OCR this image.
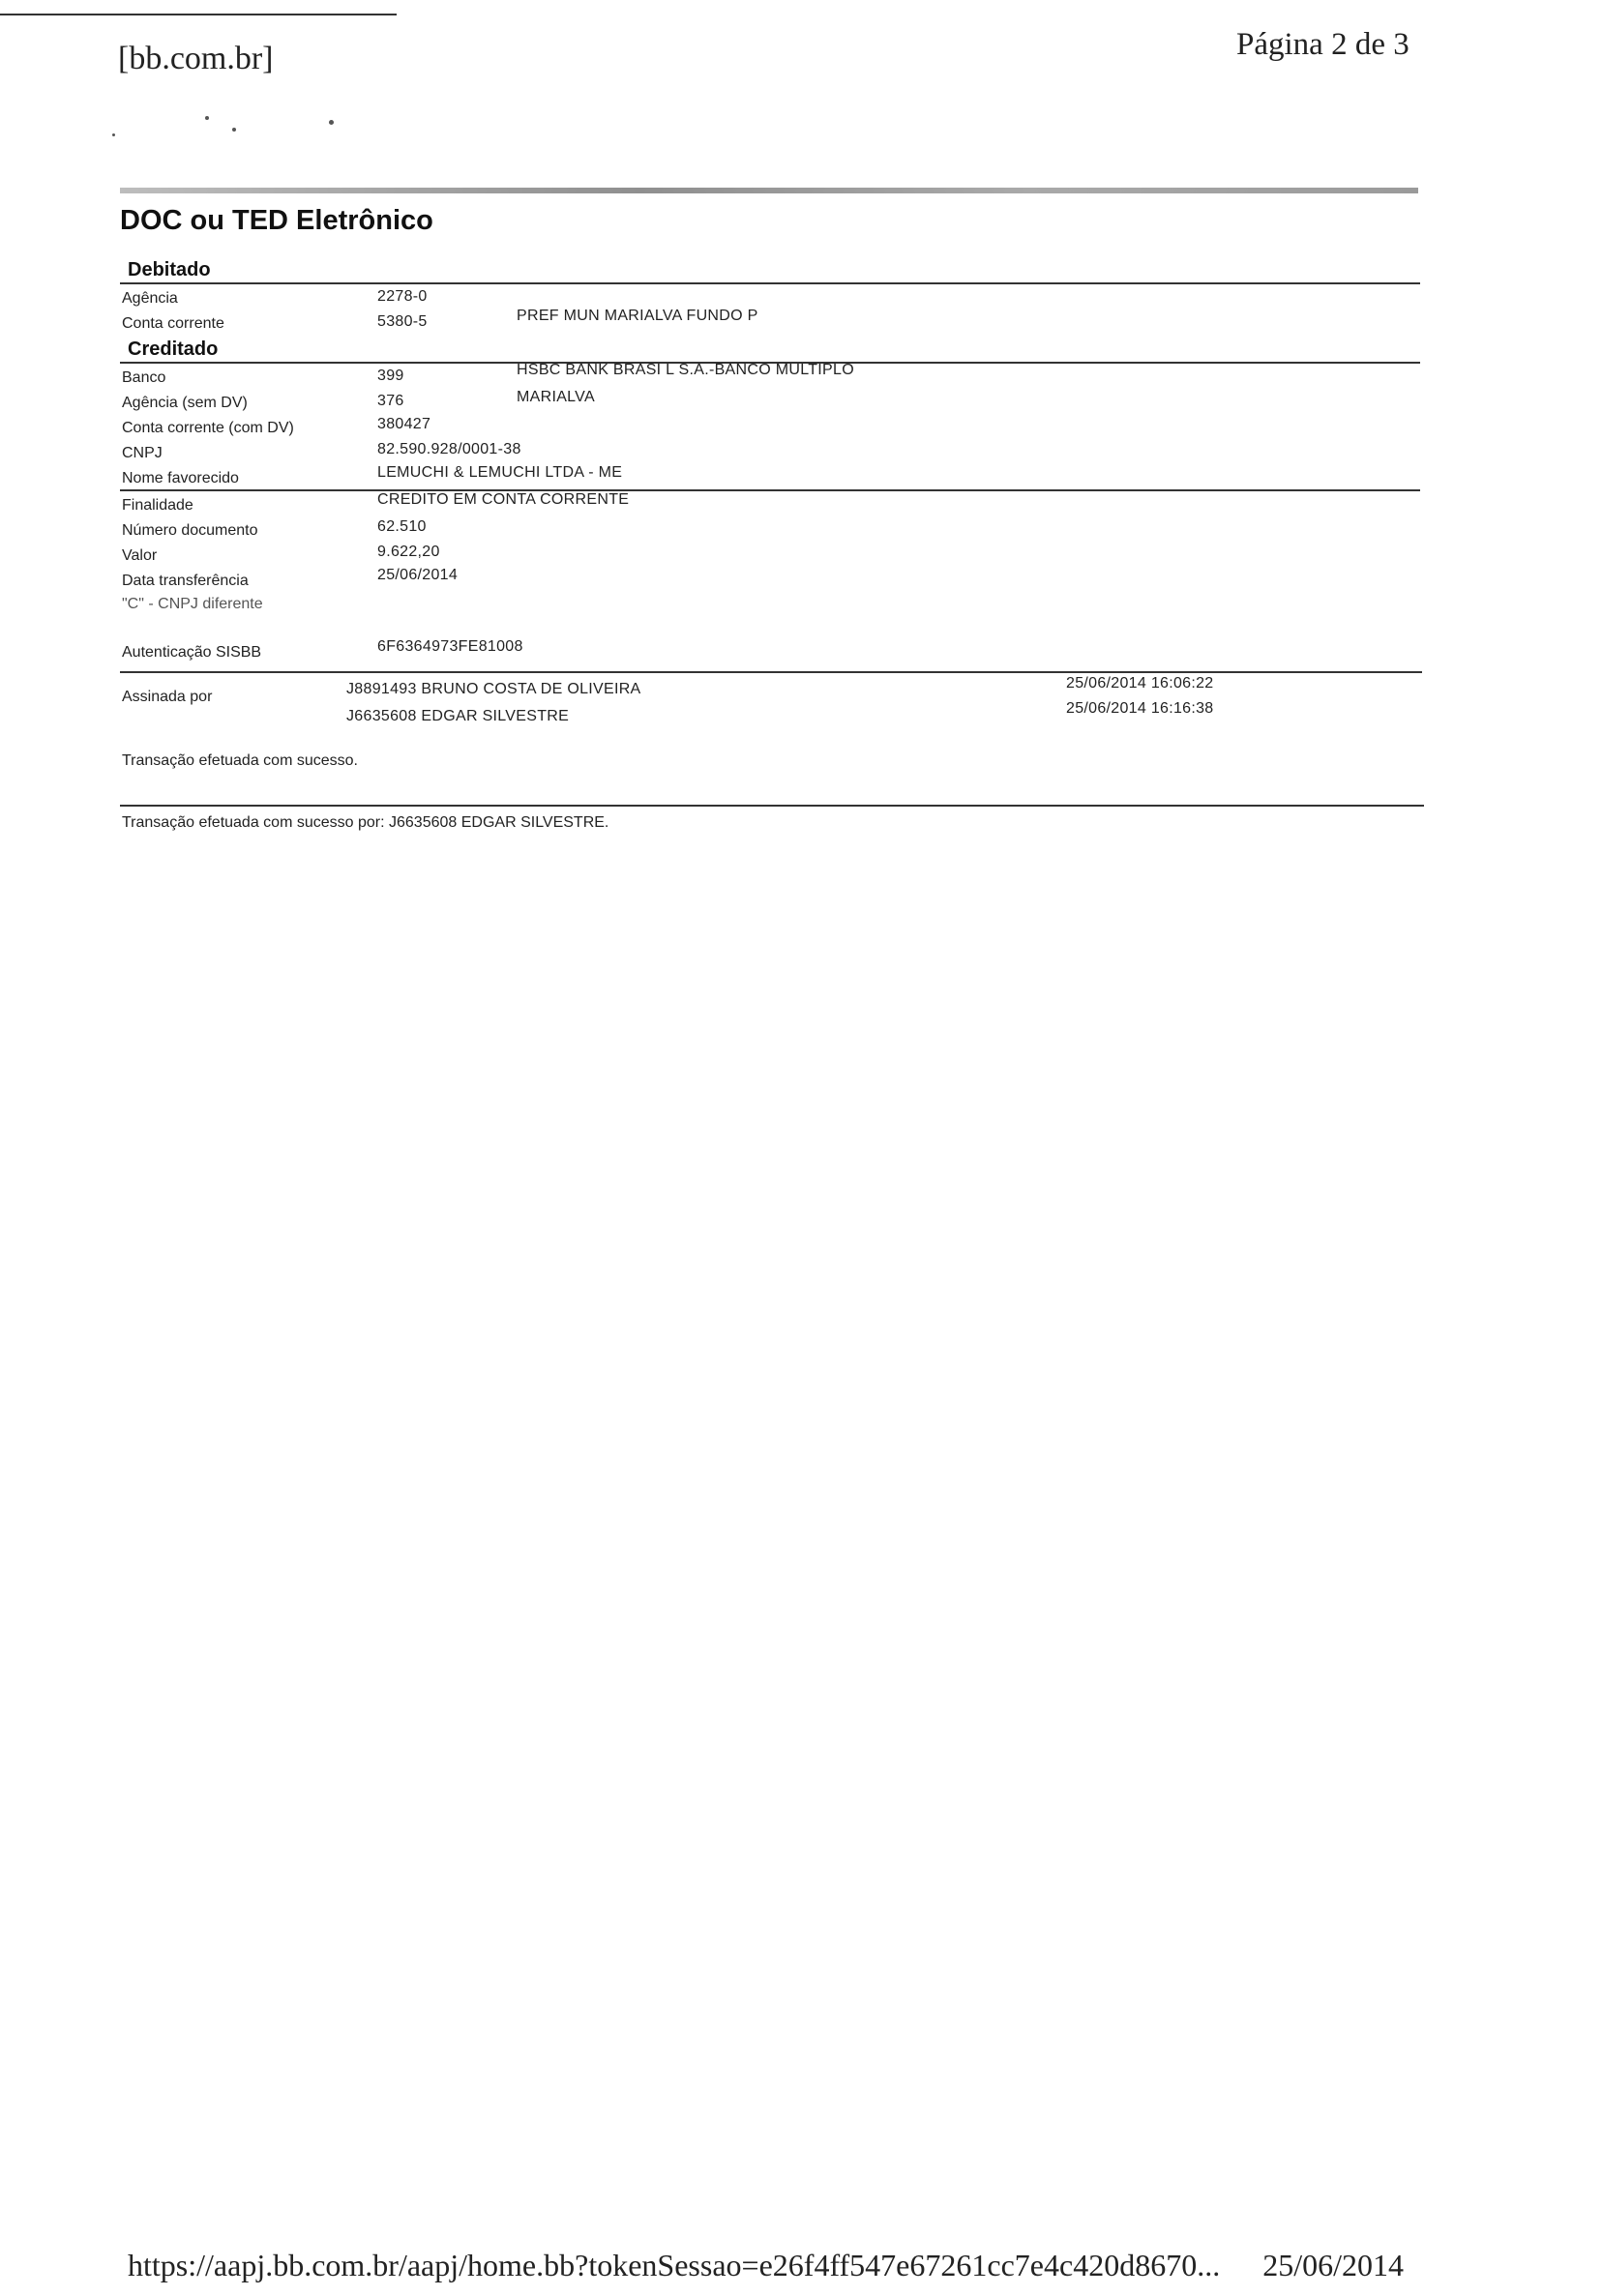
[bb.com.br]	Página 2 de 3
DOC ou TED Eletrônico
Debitado
Agência	2278-0
Conta corrente	5380-5	PREF MUN MARIALVA FUNDO P
Creditado
Banco	399	HSBC BANK BRASI L S.A.-BANCO MULTIPLO
Agência (sem DV)	376	MARIALVA
Conta corrente (com DV)	380427
CNPJ	82.590.928/0001-38
Nome favorecido	LEMUCHI & LEMUCHI LTDA - ME
Finalidade	CREDITO EM CONTA CORRENTE
Número documento	62.510
Valor	9.622,20
Data transferência	25/06/2014
"C" - CNPJ diferente
Autenticação SISBB	6F6364973FE81008
Assinada por	J8891493 BRUNO COSTA DE OLIVEIRA	25/06/2014 16:06:22
J6635608 EDGAR SILVESTRE	25/06/2014 16:16:38
Transação efetuada com sucesso.
Transação efetuada com sucesso por: J6635608 EDGAR SILVESTRE.
https://aapj.bb.com.br/aapj/home.bb?tokenSessao=e26f4ff547e67261cc7e4c420d8670... 25/06/2014
